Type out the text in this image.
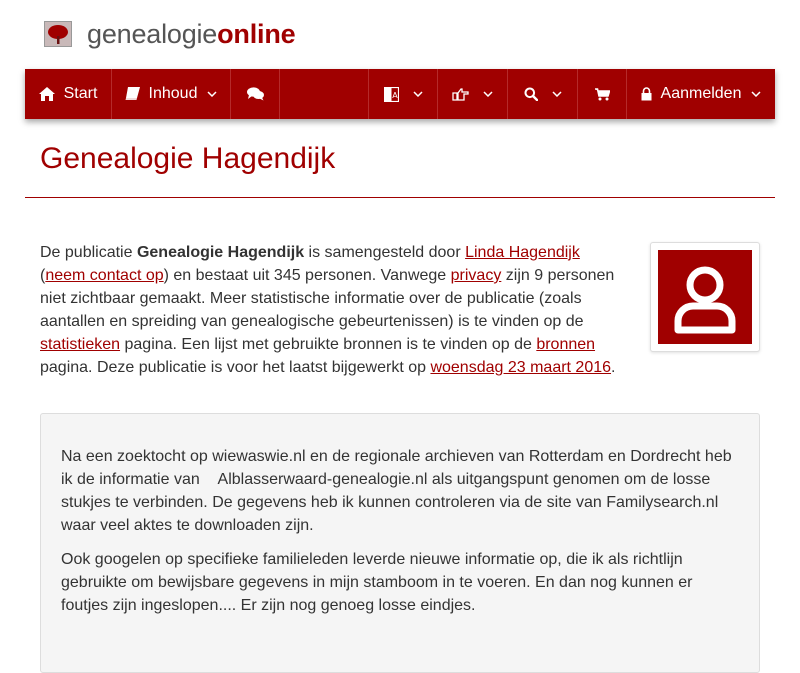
genealogieonline
Start	Inhoud	A	Aanmelden
Genealogie Hagendijk
De publicatie Genealogie Hagendijk is samengesteld door Linda Hagendijk
(neem contact op) en bestaat uit 345 personen. Vanwege privacy zijn 9 personen niet zichtbaar gemaakt. Meer statistische informatie over de publicatie (zoals aantallen en spreiding van genealogische gebeurtenissen) is te vinden op de statistieken pagina. Een lijst met gebruikte bronnen is te vinden op de bronnen pagina. Deze publicatie is voor het laatst bijgewerkt op woensdag 23 maart 2016.

Na een zoektocht op wiewaswie.nl en de regionale archieven van Rotterdam en Dordrecht heb ik de informatie van    Alblasserwaard-genealogie.nl als uitgangspunt genomen om de losse stukjes te verbinden. De gegevens heb ik kunnen controleren via de site van Familysearch.nl waar veel aktes te downloaden zijn.

Ook googelen op specifieke familieleden leverde nieuwe informatie op, die ik als richtlijn gebruikte om bewijsbare gegevens in mijn stamboom in te voeren. En dan nog kunnen er foutjes zijn ingeslopen.... Er zijn nog genoeg losse eindjes.
